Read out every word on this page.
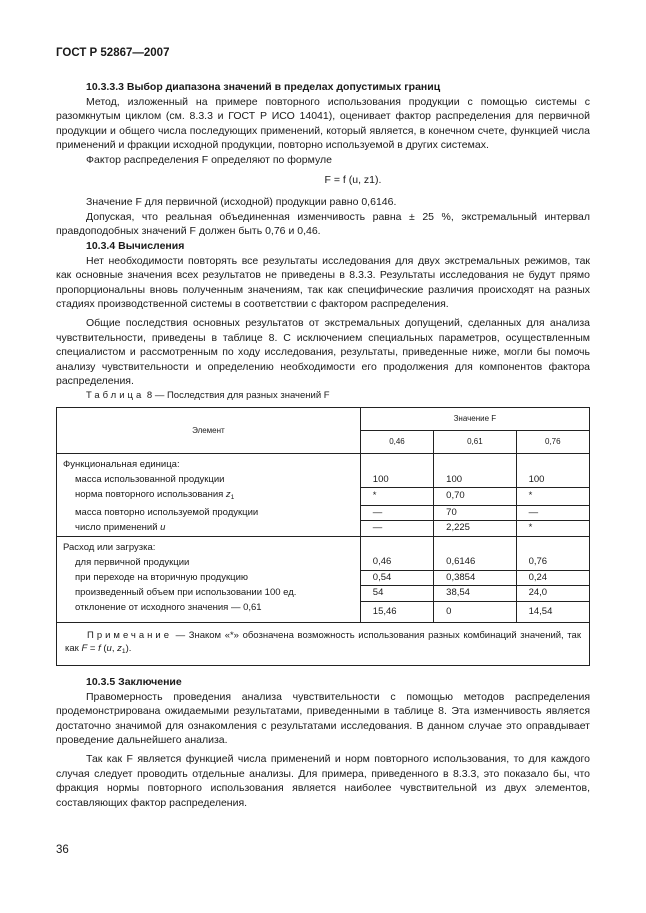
ГОСТ Р 52867—2007

10.3.3.3 Выбор диапазона значений в пределах допустимых границ

Метод, изложенный на примере повторного использования продукции с помощью системы с разомкнутым циклом (см. 8.3.3 и ГОСТ Р ИСО 14041), оценивает фактор распределения для первичной продукции и общего числа последующих применений, который является, в конечном счете, функцией числа применений и фракции исходной продукции, повторно используемой в других системах.

Фактор распределения F определяют по формуле

F = f (u, z1).

Значение F для первичной (исходной) продукции равно 0,6146.

Допуская, что реальная объединенная изменчивость равна ± 25 %, экстремальный интервал правдоподобных значений F должен быть 0,76 и 0,46.

10.3.4 Вычисления

Нет необходимости повторять все результаты исследования для двух экстремальных режимов, так как основные значения всех результатов не приведены в 8.3.3. Результаты исследования не будут прямо пропорциональны вновь полученным значениям, так как специфические различия происходят на разных стадиях производственной системы в соответствии с фактором распределения.

Общие последствия основных результатов от экстремальных допущений, сделанных для анализа чувствительности, приведены в таблице 8. С исключением специальных параметров, осуществленным специалистом и рассмотренным по ходу исследования, результаты, приведенные ниже, могли бы помочь анализу чувствительности и определению необходимости его продолжения для компонентов фактора распределения.

Таблица 8 — Последствия для разных значений F

Элемент	Значение F		
	0,46	0,61	0,76
Функциональная единица:			
масса использованной продукции	100	100	100
норма повторного использования $z_1$	*	0,70	*
масса повторно используемой продукции	—	70	—
число применений u	—	2,225	*
Расход или загрузка:			
для первичной продукции	0,46	0,6146	0,76
при переходе на вторичную продукцию	0,54	0,3854	0,24
произведенный объем при использовании 100 ед.	54	38,54	24,0
отклонение от исходного значения — 0,61	15,46	0	14,54
Примечание — Знаком «*» обозначена возможность использования разных комбинаций значений, так как F = f (u, $z_1$).			

10.3.5 Заключение

Правомерность проведения анализа чувствительности с помощью методов распределения продемонстрирована ожидаемыми результатами, приведенными в таблице 8. Эта изменчивость является достаточно значимой для ознакомления с результатами исследования. В данном случае это оправдывает проведение дальнейшего анализа.

Так как F является функцией числа применений и норм повторного использования, то для каждого случая следует проводить отдельные анализы. Для примера, приведенного в 8.3.3, это показало бы, что фракция нормы повторного использования является наиболее чувствительной из двух элементов, составляющих фактор распределения.

36
